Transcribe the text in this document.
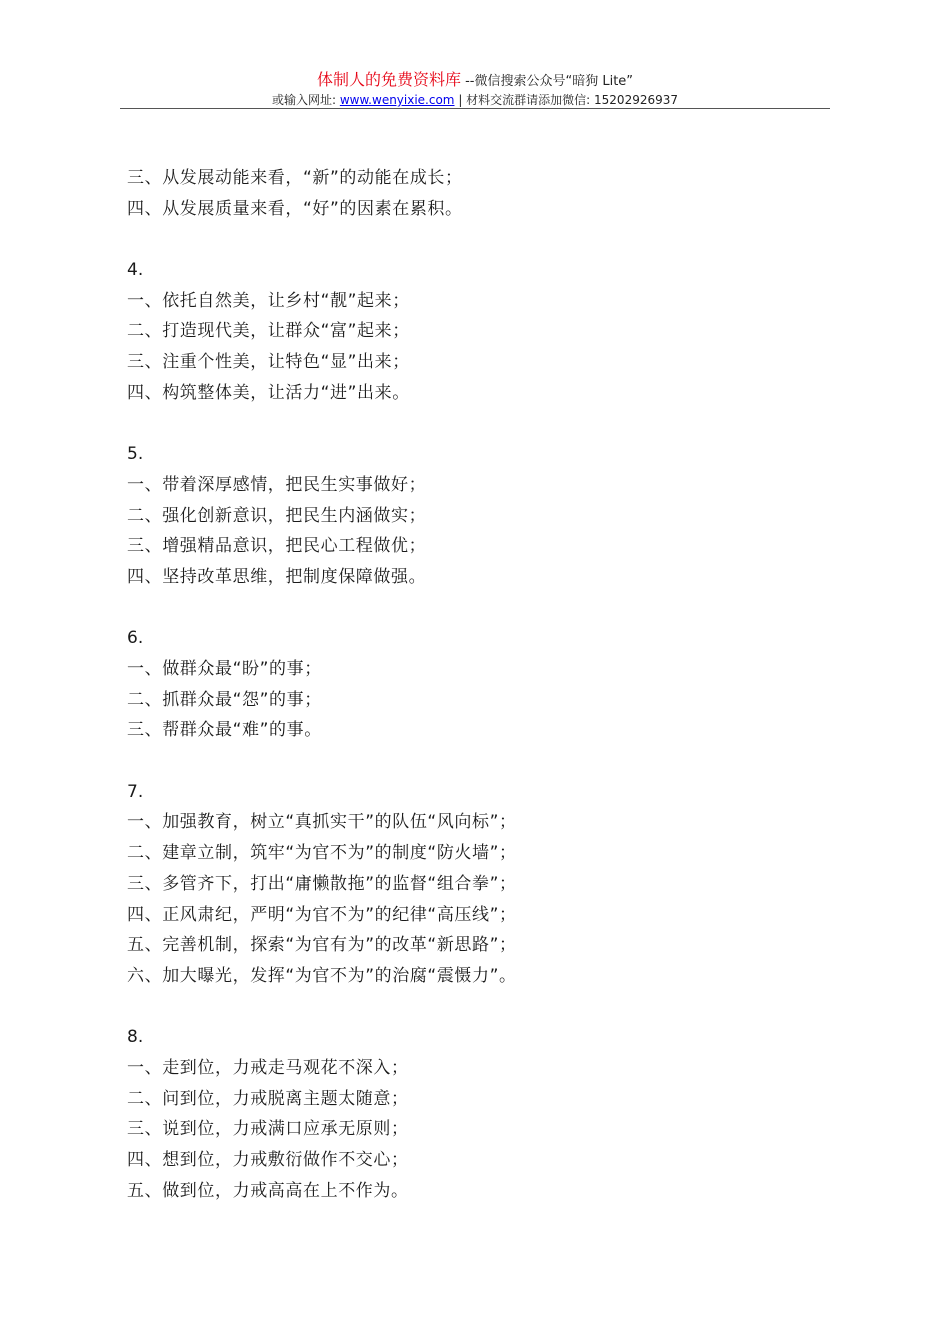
体制人的免费资料库 --微信搜索公众号“暗狗 Lite”
或输入网址: www.wenyixie.com | 材料交流群请添加微信: 15202926937
三、从发展动能来看，“新”的动能在成长；
四、从发展质量来看，“好”的因素在累积。
4.
一、依托自然美，让乡村“靓”起来；
二、打造现代美，让群众“富”起来；
三、注重个性美，让特色“显”出来；
四、构筑整体美，让活力“进”出来。
5.
一、带着深厚感情，把民生实事做好；
二、强化创新意识，把民生内涵做实；
三、增强精品意识，把民心工程做优；
四、坚持改革思维，把制度保障做强。
6.
一、做群众最“盼”的事；
二、抓群众最“怨”的事；
三、帮群众最“难”的事。
7.
一、加强教育，树立“真抓实干”的队伍“风向标”；
二、建章立制，筑牢“为官不为”的制度“防火墙”；
三、多管齐下，打出“庸懒散拖”的监督“组合拳”；
四、正风肃纪，严明“为官不为”的纪律“高压线”；
五、完善机制，探索“为官有为”的改革“新思路”；
六、加大曝光，发挥“为官不为”的治腐“震慑力”。
8.
一、走到位，力戒走马观花不深入；
二、问到位，力戒脱离主题太随意；
三、说到位，力戒满口应承无原则；
四、想到位，力戒敷衍做作不交心；
五、做到位，力戒高高在上不作为。
